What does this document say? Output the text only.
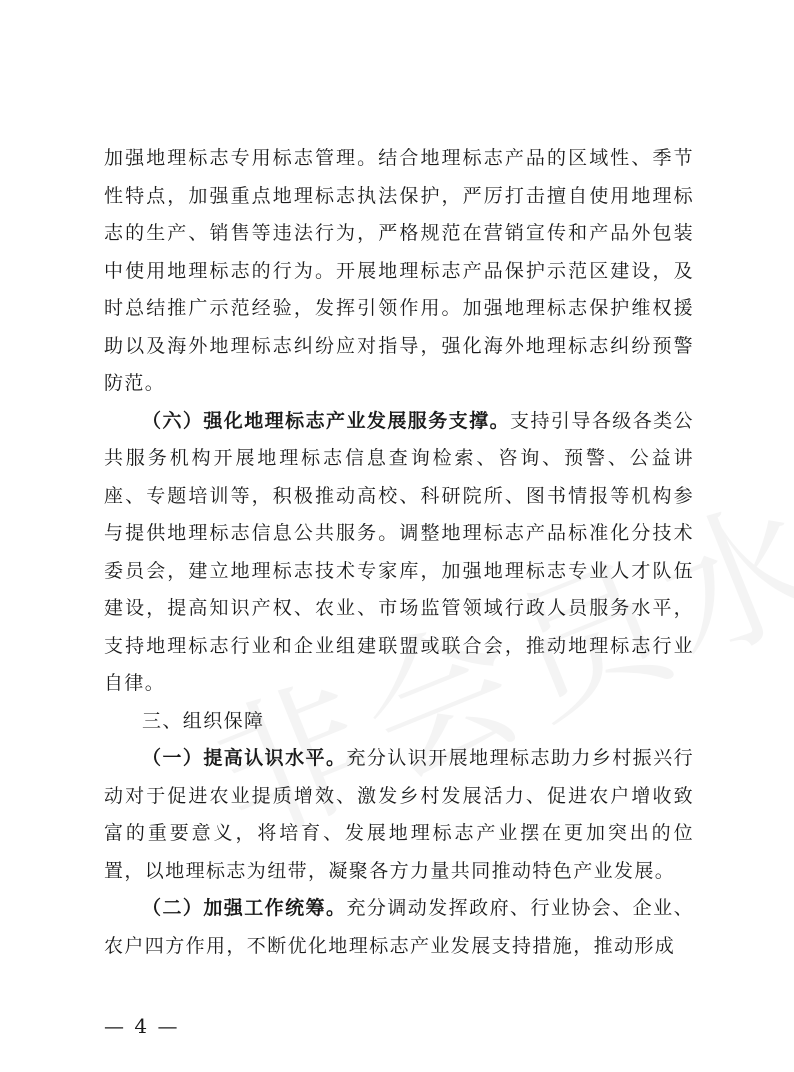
加强地理标志专用标志管理。结合地理标志产品的区域性、季节性特点，加强重点地理标志执法保护，严厉打击擅自使用地理标志的生产、销售等违法行为，严格规范在营销宣传和产品外包装中使用地理标志的行为。开展地理标志产品保护示范区建设，及时总结推广示范经验，发挥引领作用。加强地理标志保护维权援助以及海外地理标志纠纷应对指导，强化海外地理标志纠纷预警防范。

（六）强化地理标志产业发展服务支撑。支持引导各级各类公共服务机构开展地理标志信息查询检索、咨询、预警、公益讲座、专题培训等，积极推动高校、科研院所、图书情报等机构参与提供地理标志信息公共服务。调整地理标志产品标准化分技术委员会，建立地理标志技术专家库，加强地理标志专业人才队伍建设，提高知识产权、农业、市场监管领域行政人员服务水平，支持地理标志行业和企业组建联盟或联合会，推动地理标志行业自律。

三、组织保障

（一）提高认识水平。充分认识开展地理标志助力乡村振兴行动对于促进农业提质增效、激发乡村发展活力、促进农户增收致富的重要意义，将培育、发展地理标志产业摆在更加突出的位置，以地理标志为纽带，凝聚各方力量共同推动特色产业发展。

（二）加强工作统筹。充分调动发挥政府、行业协会、企业、农户四方作用，不断优化地理标志产业发展支持措施，推动形成

— 4 —
